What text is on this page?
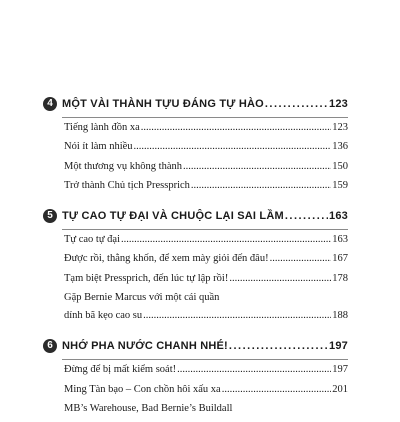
4 MỘT VÀI THÀNH TỰU ĐÁNG TỰ HÀO .....	123
Tiếng lành đồn xa .....	123
Nói ít làm nhiều .....	136
Một thương vụ không thành .....	150
Trở thành Chủ tịch Pressprich .....	159
5 TỰ CAO TỰ ĐẠI VÀ CHUỘC LẠI SAI LẦM .....	163
Tự cao tự đại .....	163
Được rồi, thằng khốn, để xem mày giỏi đến đâu! .....	167
Tạm biệt Pressprich, đến lúc tự lập rồi! .....	178
Gặp Bernie Marcus với một cái quần
dính bã kẹo cao su .....	188
6 NHỚ PHA NƯỚC CHANH NHÉ! .....	197
Đừng để bị mất kiểm soát! .....	197
Ming Tàn bạo – Con chồn hôi xấu xa .....	201
MB’s Warehouse, Bad Bernie’s Buildall
